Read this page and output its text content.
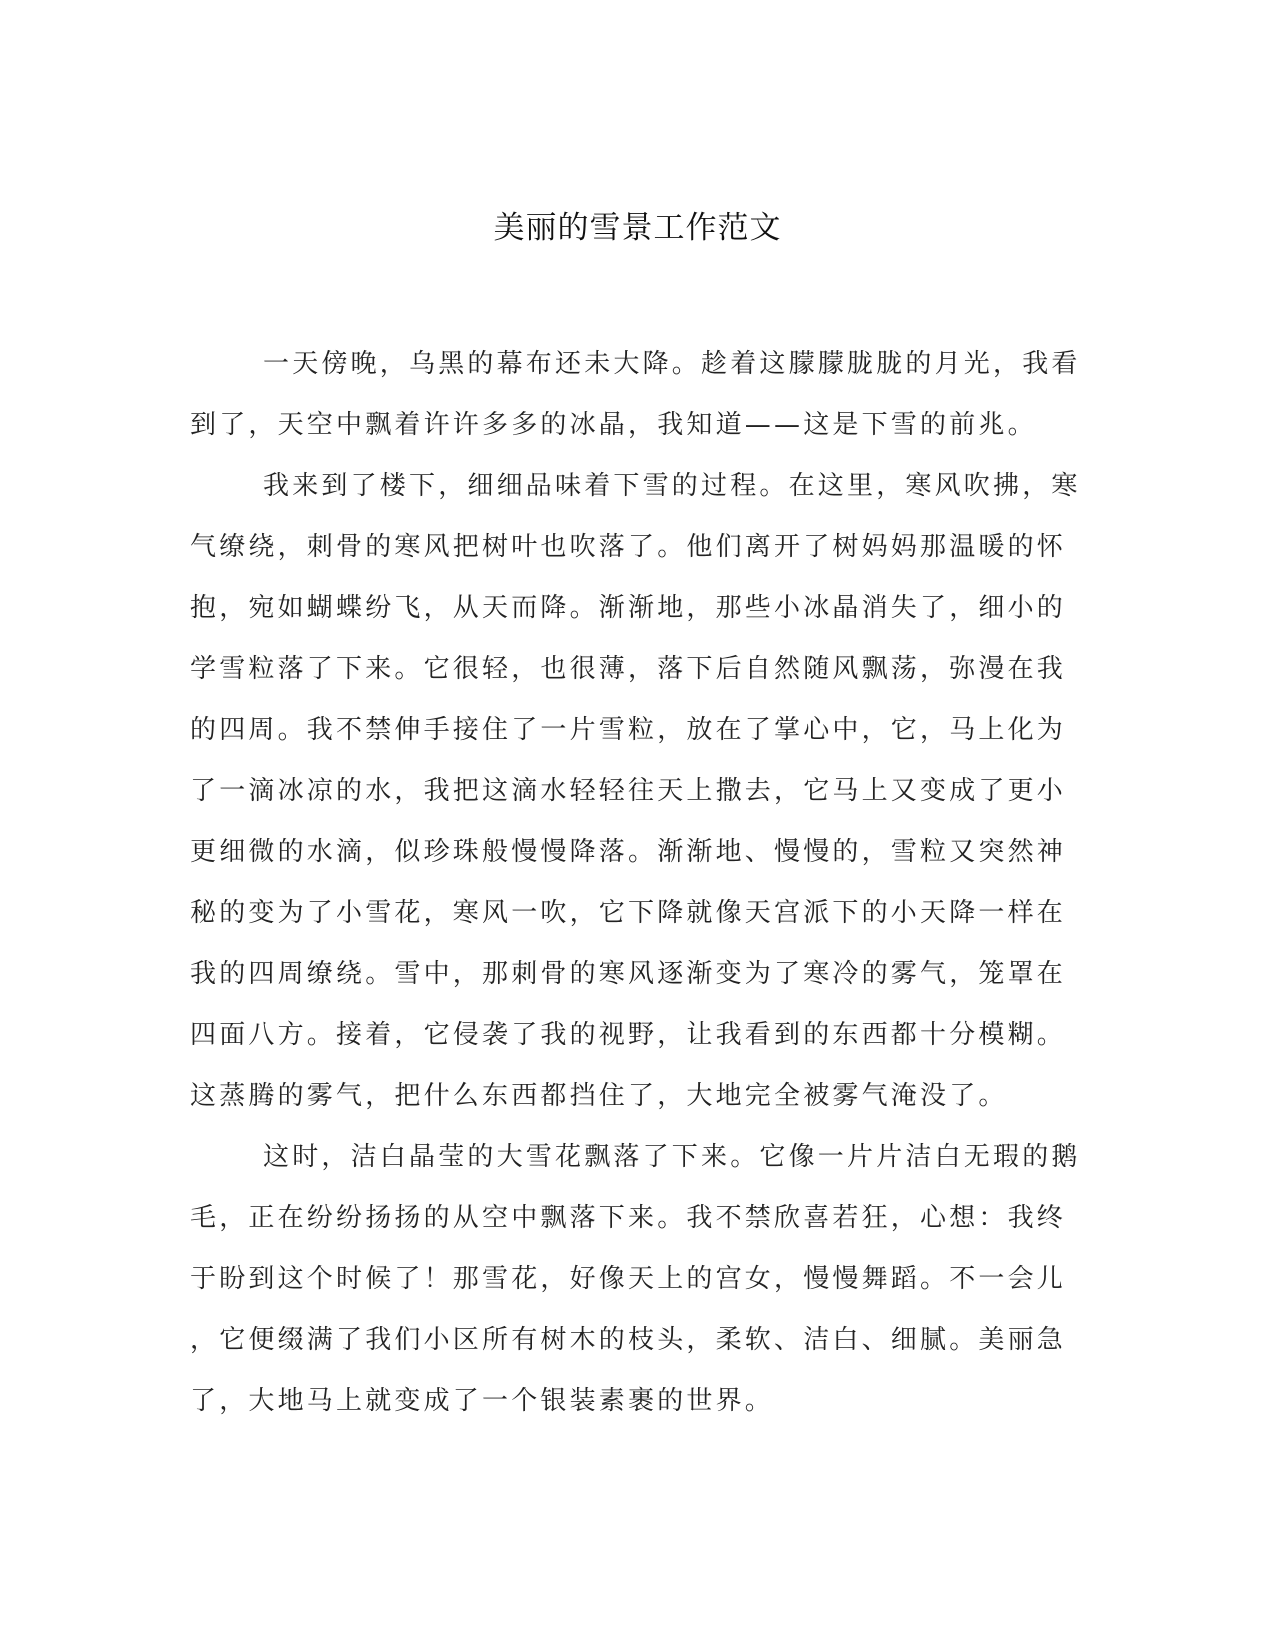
美丽的雪景工作范文

一天傍晚，乌黑的幕布还未大降。趁着这朦朦胧胧的月光，我看
到了，天空中飘着许许多多的冰晶，我知道——这是下雪的前兆。

我来到了楼下，细细品味着下雪的过程。在这里，寒风吹拂，寒
气缭绕，刺骨的寒风把树叶也吹落了。他们离开了树妈妈那温暖的怀
抱，宛如蝴蝶纷飞，从天而降。渐渐地，那些小冰晶消失了，细小的
学雪粒落了下来。它很轻，也很薄，落下后自然随风飘荡，弥漫在我
的四周。我不禁伸手接住了一片雪粒，放在了掌心中，它，马上化为
了一滴冰凉的水，我把这滴水轻轻往天上撒去，它马上又变成了更小
更细微的水滴，似珍珠般慢慢降落。渐渐地、慢慢的，雪粒又突然神
秘的变为了小雪花，寒风一吹，它下降就像天宫派下的小天降一样在
我的四周缭绕。雪中，那刺骨的寒风逐渐变为了寒冷的雾气，笼罩在
四面八方。接着，它侵袭了我的视野，让我看到的东西都十分模糊。
这蒸腾的雾气，把什么东西都挡住了，大地完全被雾气淹没了。

这时，洁白晶莹的大雪花飘落了下来。它像一片片洁白无瑕的鹅
毛，正在纷纷扬扬的从空中飘落下来。我不禁欣喜若狂，心想：我终
于盼到这个时候了！那雪花，好像天上的宫女，慢慢舞蹈。不一会儿
，它便缀满了我们小区所有树木的枝头，柔软、洁白、细腻。美丽急
了，大地马上就变成了一个银装素裹的世界。
